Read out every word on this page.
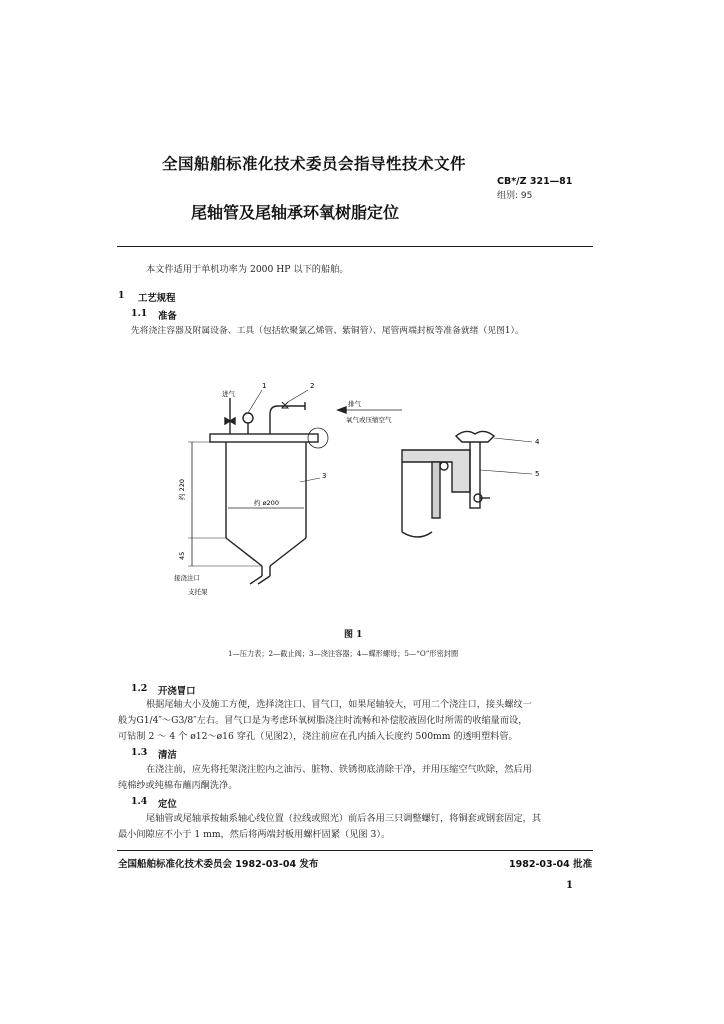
全国船舶标准化技术委员会指导性技术文件
CB*/Z 321—81
组别: 95
尾轴管及尾轴承环氧树脂定位
本文件适用于单机功率为 2000 HP 以下的船舶。
1 工艺规程
1.1 准备
先将浇注容器及附属设备、工具（包括软聚氯乙烯管、紫铜管）、尾管两端封板等准备就绪（见图1）。
1	2
3
4
5
进气
排气
氧气或压缩空气
约 ø200
约 220
45
接浇注口
支托架
图 1
1—压力表；2—截止阀；3—浇注容器；4—蝶形螺母；5—“O”形密封圈
1.2 开浇冒口
根据尾轴大小及施工方便，选择浇注口、冒气口，如果尾轴较大，可用二个浇注口，接头螺纹一
般为G1/4″～G3/8″左右。冒气口是为考虑环氧树脂浇注时流畅和补偿胶液固化时所需的收缩量而设，
可钻制 2 ～ 4 个 ø12～ø16 穿孔（见图2），浇注前应在孔内插入长度约 500mm 的透明塑料管。
1.3 清洁
在浇注前，应先将托架浇注腔内之油污、脏物、铁锈彻底清除干净，并用压缩空气吹除，然后用
纯棉纱或纯棉布蘸丙酮洗净。
1.4 定位
尾轴管或尾轴承按轴系轴心线位置（拉线或照光）前后各用三只调整螺钉，将铜套或钢套固定，其
最小间隙应不小于 1 mm，然后将两端封板用螺杆固紧（见图 3）。
全国船舶标准化技术委员会 1982-03-04 发布	1982-03-04 批准
1
